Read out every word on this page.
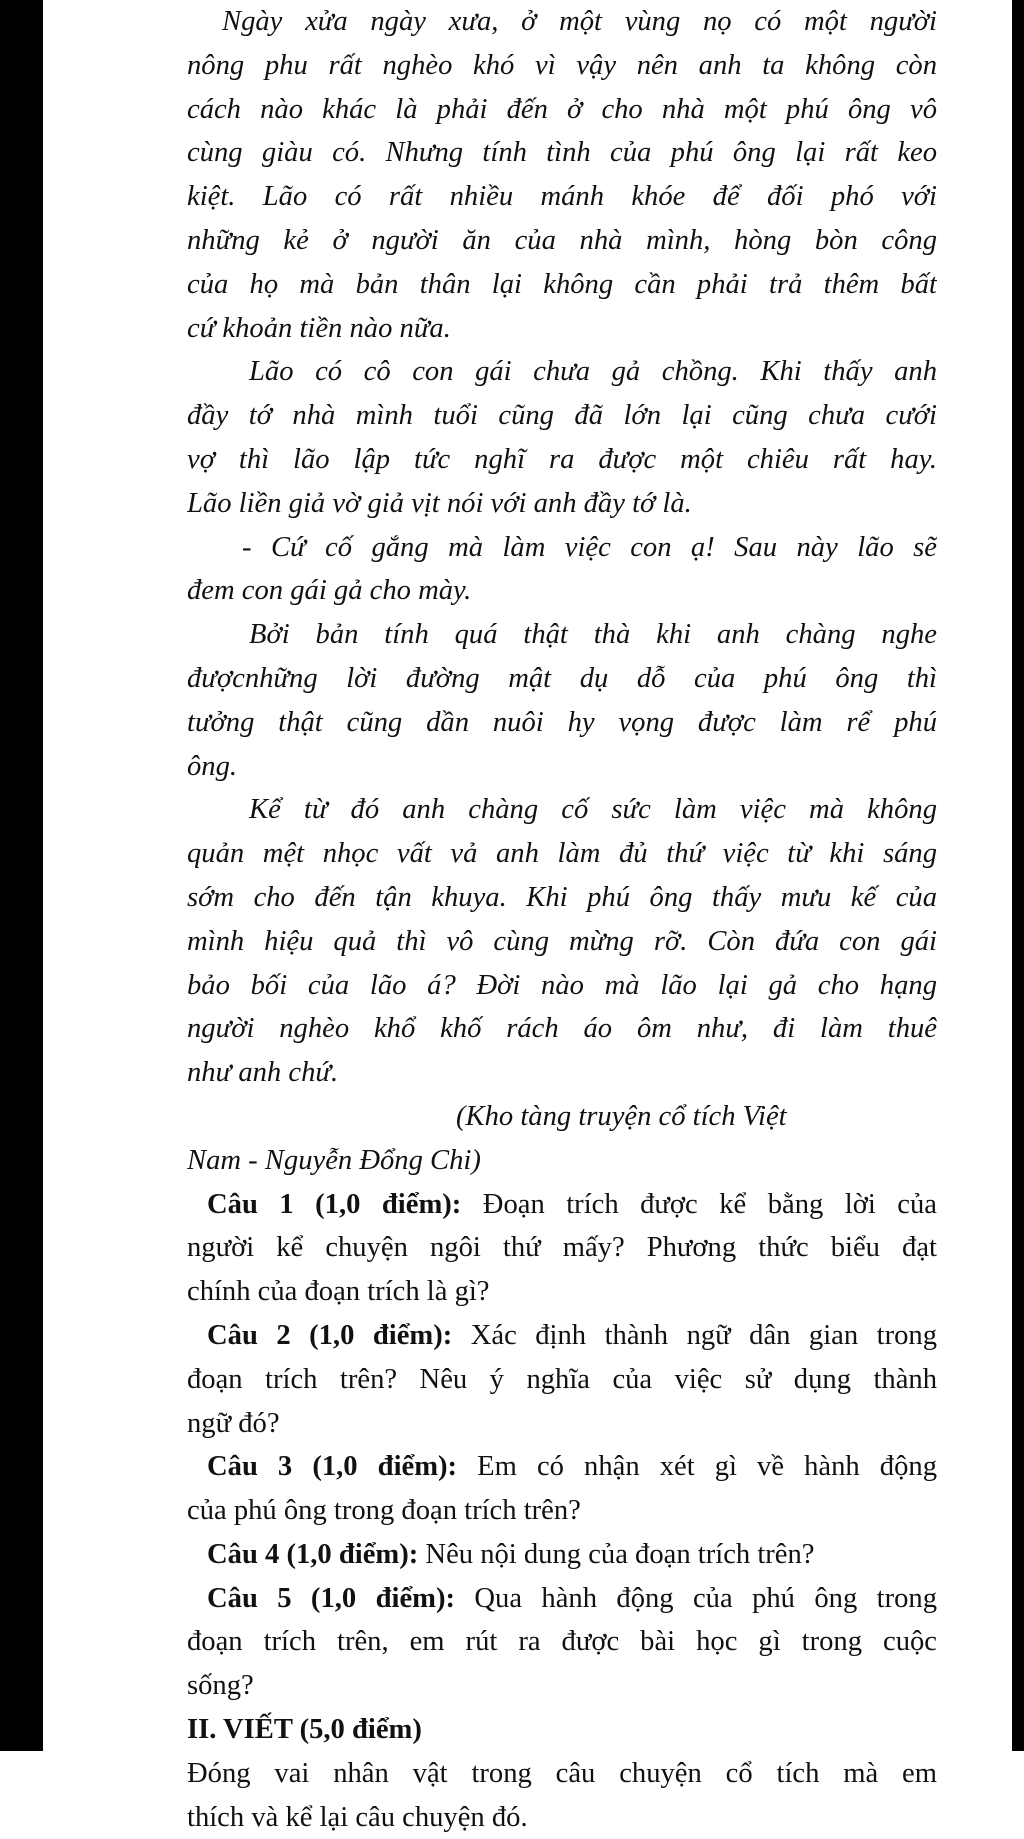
Ngày xửa ngày xưa, ở một vùng nọ có một người
nông phu rất nghèo khó vì vậy nên anh ta không còn
cách nào khác là phải đến ở cho nhà một phú ông vô
cùng giàu có. Nhưng tính tình của phú ông lại rất keo
kiệt. Lão có rất nhiều mánh khóe để đối phó với
những kẻ ở người ăn của nhà mình, hòng bòn công
của họ mà bản thân lại không cần phải trả thêm bất
cứ khoản tiền nào nữa.
Lão có cô con gái chưa gả chồng. Khi thấy anh
đầy tớ nhà mình tuổi cũng đã lớn lại cũng chưa cưới
vợ thì lão lập tức nghĩ ra được một chiêu rất hay.
Lão liền giả vờ giả vịt nói với anh đầy tớ là.
- Cứ cố gắng mà làm việc con ạ! Sau này lão sẽ
đem con gái gả cho mày.
Bởi bản tính quá thật thà khi anh chàng nghe
đượcnhững lời đường mật dụ dỗ của phú ông thì
tưởng thật cũng dần nuôi hy vọng được làm rể phú
ông.
Kể từ đó anh chàng cố sức làm việc mà không
quản mệt nhọc vất vả anh làm đủ thứ việc từ khi sáng
sớm cho đến tận khuya. Khi phú ông thấy mưu kế của
mình hiệu quả thì vô cùng mừng rỡ. Còn đứa con gái
bảo bối của lão á? Đời nào mà lão lại gả cho hạng
người nghèo khổ khố rách áo ôm như, đi làm thuê
như anh chứ.
(Kho tàng truyện cổ tích Việt
Nam - Nguyễn Đổng Chi)
Câu 1 (1,0 điểm): Đoạn trích được kể bằng lời của
người kể chuyện ngôi thứ mấy? Phương thức biểu đạt
chính của đoạn trích là gì?
Câu 2 (1,0 điểm): Xác định thành ngữ dân gian trong
đoạn trích trên? Nêu ý nghĩa của việc sử dụng thành
ngữ đó?
Câu 3 (1,0 điểm): Em có nhận xét gì về hành động
của phú ông trong đoạn trích trên?
Câu 4 (1,0 điểm): Nêu nội dung của đoạn trích trên?
Câu 5 (1,0 điểm): Qua hành động của phú ông trong
đoạn trích trên, em rút ra được bài học gì trong cuộc
sống?
II. VIẾT (5,0 điểm)
Đóng vai nhân vật trong câu chuyện cổ tích mà em
thích và kể lại câu chuyện đó.
